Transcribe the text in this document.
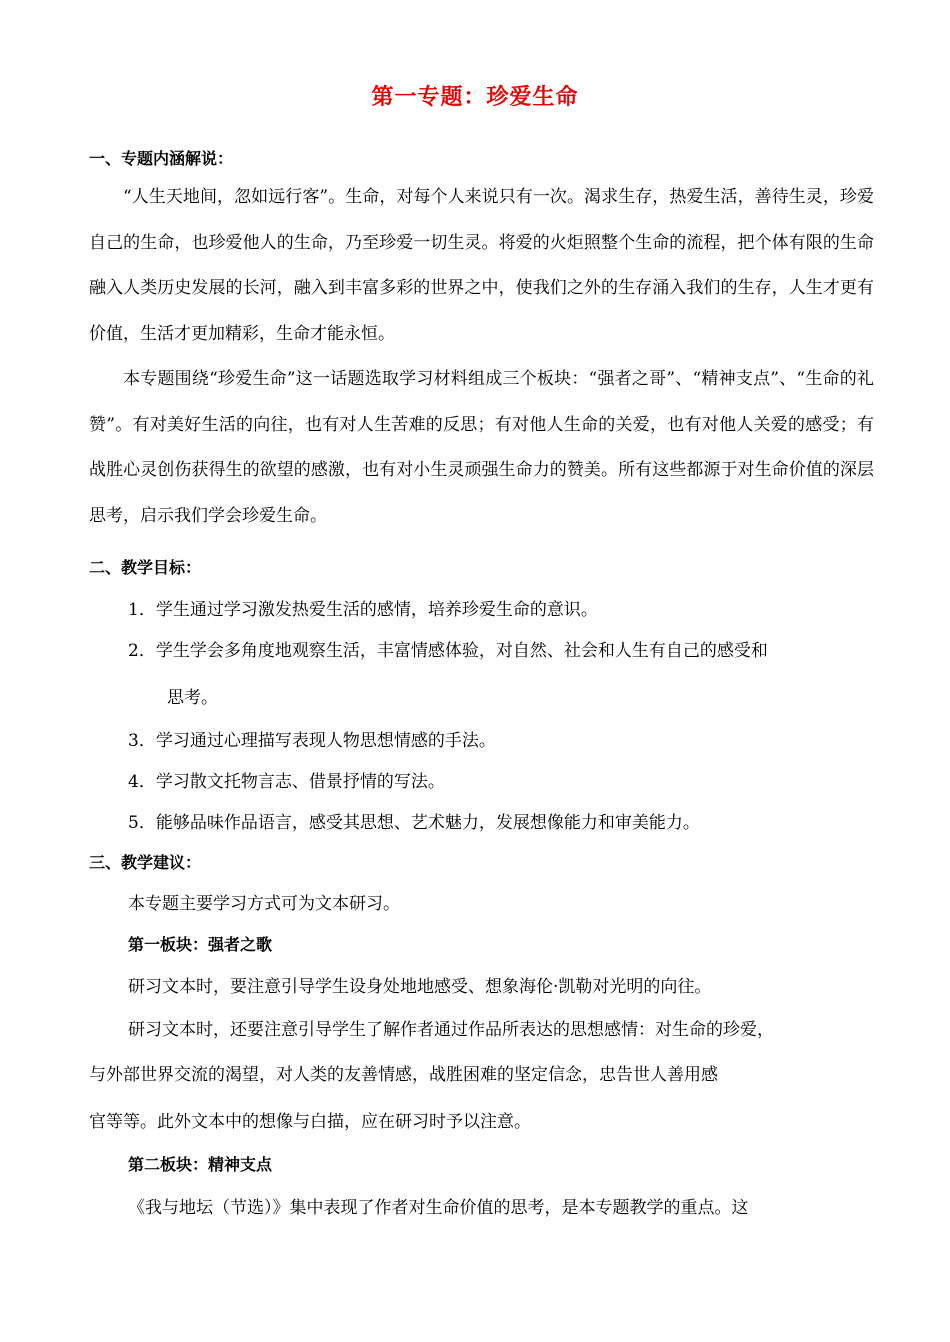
第一专题：珍爱生命
一、专题内涵解说：
“人生天地间，忽如远行客”。生命，对每个人来说只有一次。渴求生存，热爱生活，善待生灵，珍爱自己的生命，也珍爱他人的生命，乃至珍爱一切生灵。将爱的火炬照整个生命的流程，把个体有限的生命融入人类历史发展的长河，融入到丰富多彩的世界之中，使我们之外的生存涌入我们的生存，人生才更有价值，生活才更加精彩，生命才能永恒。
本专题围绕“珍爱生命”这一话题选取学习材料组成三个板块：“强者之哥”、“精神支点”、“生命的礼赞”。有对美好生活的向往，也有对人生苦难的反思；有对他人生命的关爱，也有对他人关爱的感受；有战胜心灵创伤获得生的欲望的感激，也有对小生灵顽强生命力的赞美。所有这些都源于对生命价值的深层思考，启示我们学会珍爱生命。
二、教学目标：
1．学生通过学习激发热爱生活的感情，培养珍爱生命的意识。
2．学生学会多角度地观察生活，丰富情感体验，对自然、社会和人生有自己的感受和
思考。
3．学习通过心理描写表现人物思想情感的手法。
4．学习散文托物言志、借景抒情的写法。
5．能够品味作品语言，感受其思想、艺术魅力，发展想像能力和审美能力。
三、教学建议：
本专题主要学习方式可为文本研习。
第一板块：强者之歌
研习文本时，要注意引导学生设身处地地感受、想象海伦·凯勒对光明的向往。
研习文本时，还要注意引导学生了解作者通过作品所表达的思想感情：对生命的珍爱，
与外部世界交流的渴望，对人类的友善情感，战胜困难的坚定信念，忠告世人善用感
官等等。此外文本中的想像与白描，应在研习时予以注意。
第二板块：精神支点
《我与地坛（节选）》集中表现了作者对生命价值的思考，是本专题教学的重点。这
